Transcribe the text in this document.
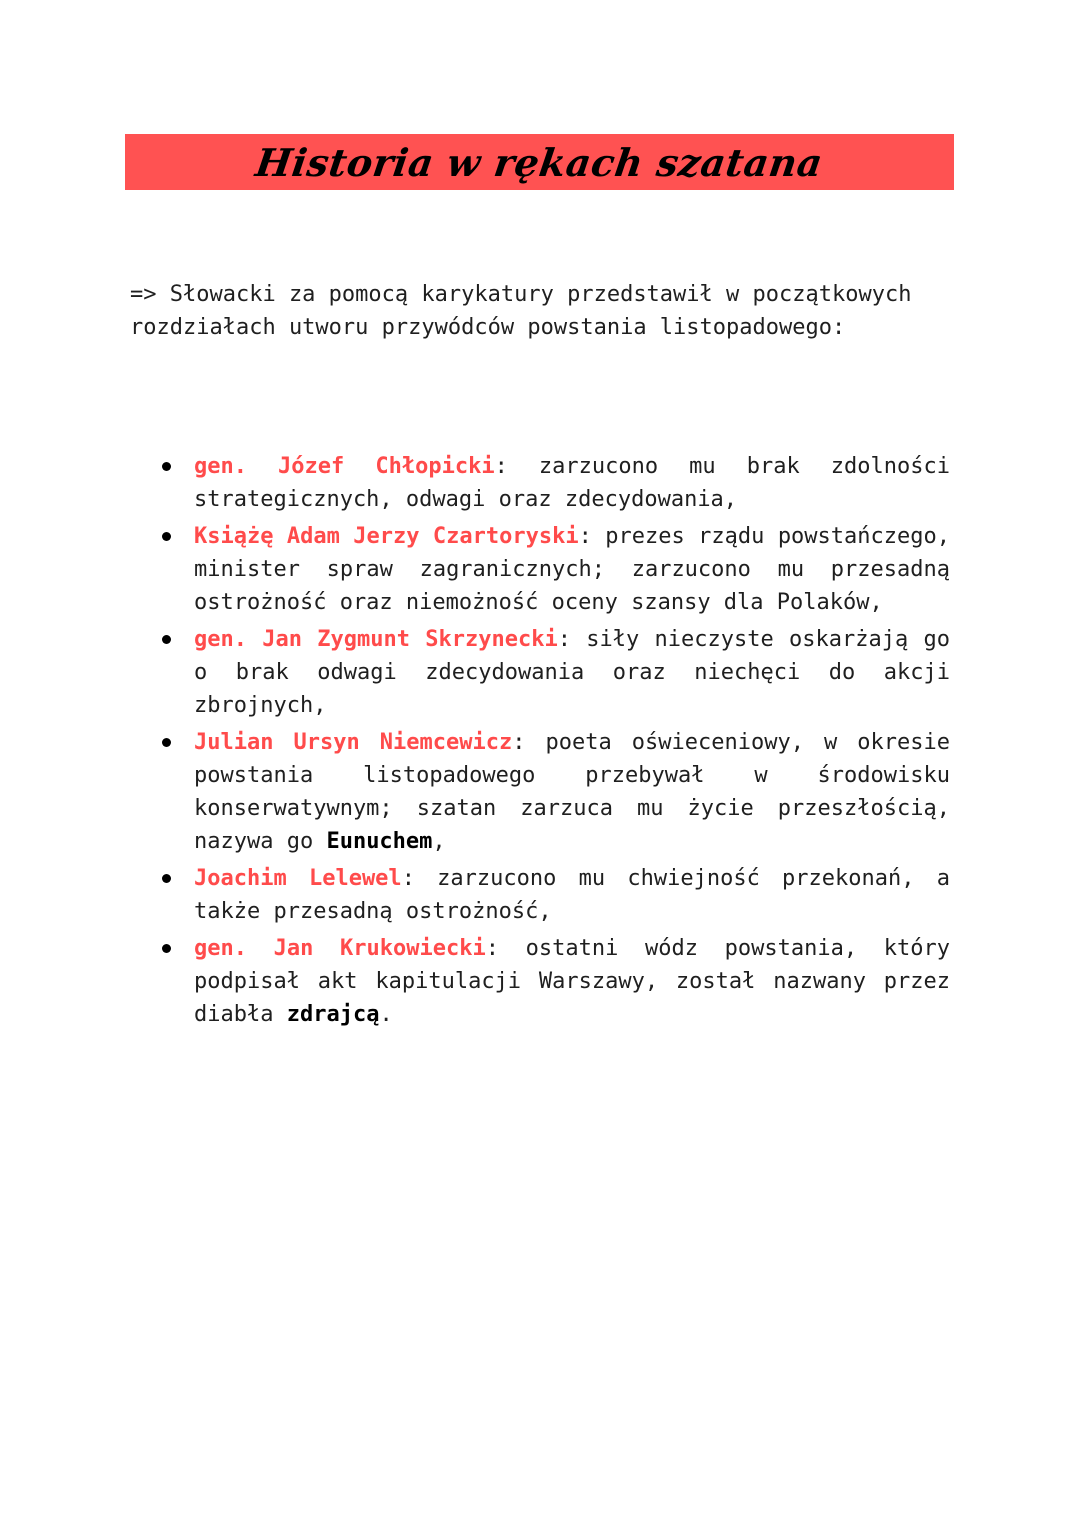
Historia w rękach szatana

=> Słowacki za pomocą karykatury przedstawił w początkowych rozdziałach utworu przywódców powstania listopadowego:

gen. Józef Chłopicki: zarzucono mu brak zdolności strategicznych, odwagi oraz zdecydowania,
Książę Adam Jerzy Czartoryski: prezes rządu powstańczego, minister spraw zagranicznych; zarzucono mu przesadną ostrożność oraz niemożność oceny szansy dla Polaków,
gen. Jan Zygmunt Skrzynecki: siły nieczyste oskarżają go o brak odwagi zdecydowania oraz niechęci do akcji zbrojnych,
Julian Ursyn Niemcewicz: poeta oświeceniowy, w okresie powstania listopadowego przebywał w środowisku konserwatywnym; szatan zarzuca mu życie przeszłością, nazywa go Eunuchem,
Joachim Lelewel: zarzucono mu chwiejność przekonań, a także przesadną ostrożność,
gen. Jan Krukowiecki: ostatni wódz powstania, który podpisał akt kapitulacji Warszawy, został nazwany przez diabła zdrajcą.
